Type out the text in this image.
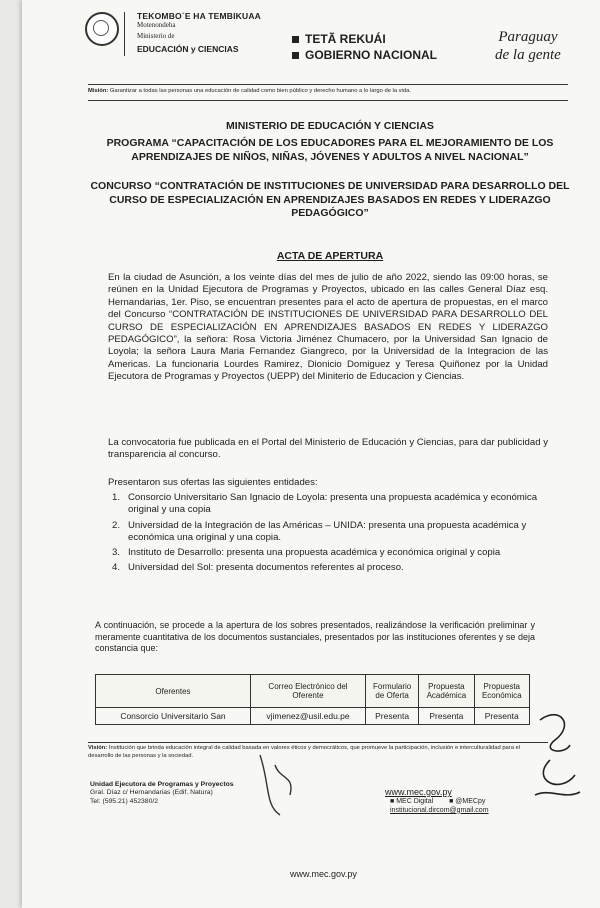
TEKOMBO´E HA TEMBIKUAA
Motenondeha
Ministerio de
EDUCACIÓN y CIENCIAS
TETÃ REKUÁI
GOBIERNO NACIONAL
Paraguay
de la gente
Misión: Garantizar a todas las personas una educación de calidad como bien público y derecho humano a lo largo de la vida.
MINISTERIO DE EDUCACIÓN Y CIENCIAS
PROGRAMA “CAPACITACIÓN DE LOS EDUCADORES PARA EL MEJORAMIENTO DE LOS APRENDIZAJES DE NIÑOS, NIÑAS, JÓVENES Y ADULTOS A NIVEL NACIONAL”
CONCURSO “CONTRATACIÓN DE INSTITUCIONES DE UNIVERSIDAD PARA DESARROLLO DEL CURSO DE ESPECIALIZACIÓN EN APRENDIZAJES BASADOS EN REDES Y LIDERAZGO PEDAGÓGICO”
ACTA DE APERTURA
En la ciudad de Asunción, a los veinte días del mes de julio de año 2022, siendo las 09:00 horas, se reúnen en la Unidad Ejecutora de Programas y Proyectos, ubicado en las calles General Díaz esq. Hernandarias, 1er. Piso, se encuentran presentes para el acto de apertura de propuestas, en el marco del Concurso “CONTRATACIÓN DE INSTITUCIONES DE UNIVERSIDAD PARA DESARROLLO DEL CURSO DE ESPECIALIZACIÓN EN APRENDIZAJES BASADOS EN REDES Y LIDERAZGO PEDAGÓGICO”, la señora: Rosa Victoria Jiménez Chumacero, por la Universidad San Ignacio de Loyola; la señora Laura Maria Fernandez Giangreco, por la Universidad de la Integracion de las Americas. La funcionaria Lourdes Ramirez, Dionicio Domiguez y Teresa Quiñonez por la Unidad Ejecutora de Programas y Proyectos (UEPP) del Miniterio de Educacion y Ciencias.
La convocatoria fue publicada en el Portal del Ministerio de Educación y Ciencias, para dar publicidad y transparencia al concurso.
Presentaron sus ofertas las siguientes entidades:
1. Consorcio Universitario San Ignacio de Loyola: presenta una propuesta académica y económica original y una copia
2. Universidad de la Integración de las Américas – UNIDA: presenta una propuesta académica y económica una original y una copia.
3. Instituto de Desarrollo: presenta una propuesta académica y económica original y copia
4. Universidad del Sol: presenta documentos referentes al proceso.
A continuación, se procede a la apertura de los sobres presentados, realizándose la verificación preliminar y meramente cuantitativa de los documentos sustanciales, presentados por las instituciones oferentes y se deja constancia que:
Oferentes	Correo Electrónico del Oferente	Formulario de Oferta	Propuesta Académica	Propuesta Económica
Consorcio Universitario San	vjimenez@usil.edu.pe	Presenta	Presenta	Presenta
Visión: Institución que brinda educación integral de calidad basada en valores éticos y democráticos, que promueve la participación, inclusión e interculturalidad para el desarrollo de las personas y la sociedad.
Unidad Ejecutora de Programas y Proyectos
Gral. Díaz c/ Hernandarias (Edif. Natura)
Tel: (595.21) 452380/2
www.mec.gov.py
■ MEC Digital ■ @MECpy
institucional.dircom@gmail.com
www.mec.gov.py
